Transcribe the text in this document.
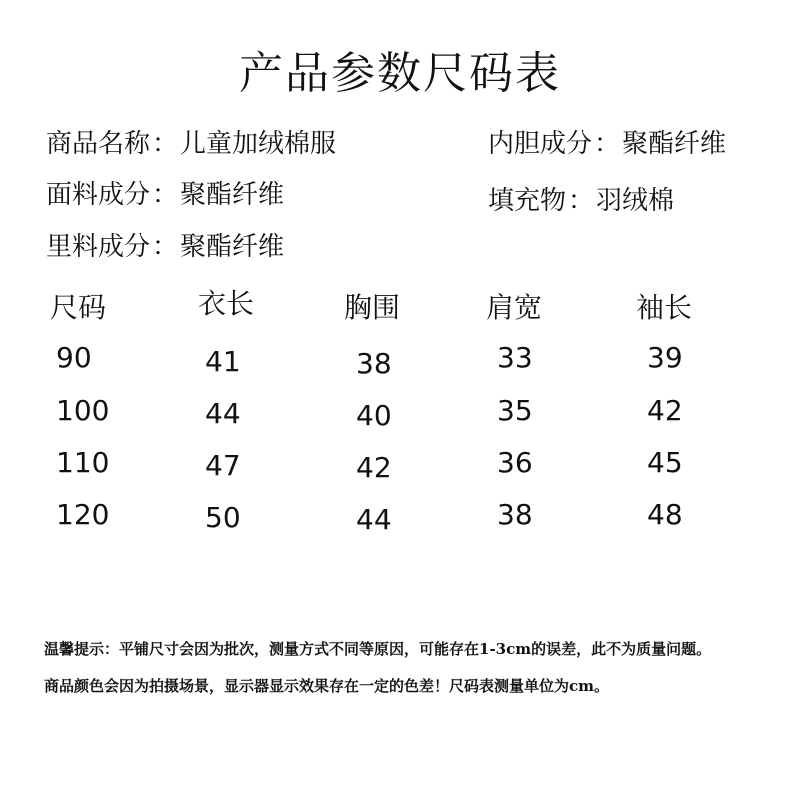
产品参数尺码表
商品名称：儿童加绒棉服	内胆成分：聚酯纤维
面料成分：聚酯纤维	填充物：羽绒棉
里料成分：聚酯纤维
尺码	衣长	胸围	肩宽	袖长
90	41	38	33	39
100	44	40	35	42
110	47	42	36	45
120	50	44	38	48
温馨提示：平铺尺寸会因为批次，测量方式不同等原因，可能存在1-3cm的误差，此不为质量问题。
商品颜色会因为拍摄场景，显示器显示效果存在一定的色差！尺码表测量单位为cm。
